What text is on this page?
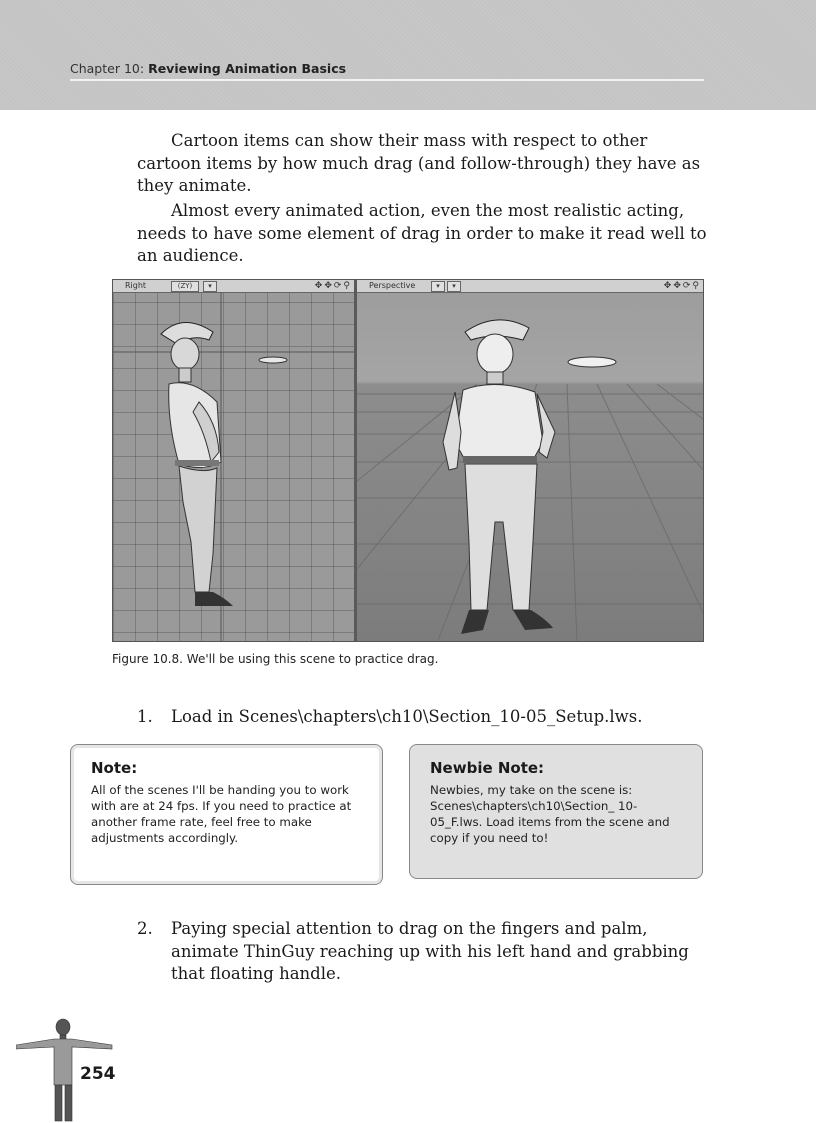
Chapter 10: Reviewing Animation Basics

Cartoon items can show their mass with respect to other cartoon items by how much drag (and follow-through) they have as they animate.

Almost every animated action, even the most realistic acting, needs to have some element of drag in order to make it read well to an audience.

Right	(ZY)	▾	✥✥⟳⚲ Perspective	▾	▾	✥✥⟳⚲
Figure 10.8. We'll be using this scene to practice drag.
1. Load in Scenes\chapters\ch10\Section_10-05_Setup.lws.
Note:
All of the scenes I'll be handing you to work with are at 24 fps. If you need to practice at another frame rate, feel free to make adjustments accordingly.
Newbie Note:
Newbies, my take on the scene is: Scenes\chapters\ch10\Section_ 10-05_F.lws. Load items from the scene and copy if you need to!
2. Paying special attention to drag on the fingers and palm, animate ThinGuy reaching up with his left hand and grabbing that floating handle.
254
